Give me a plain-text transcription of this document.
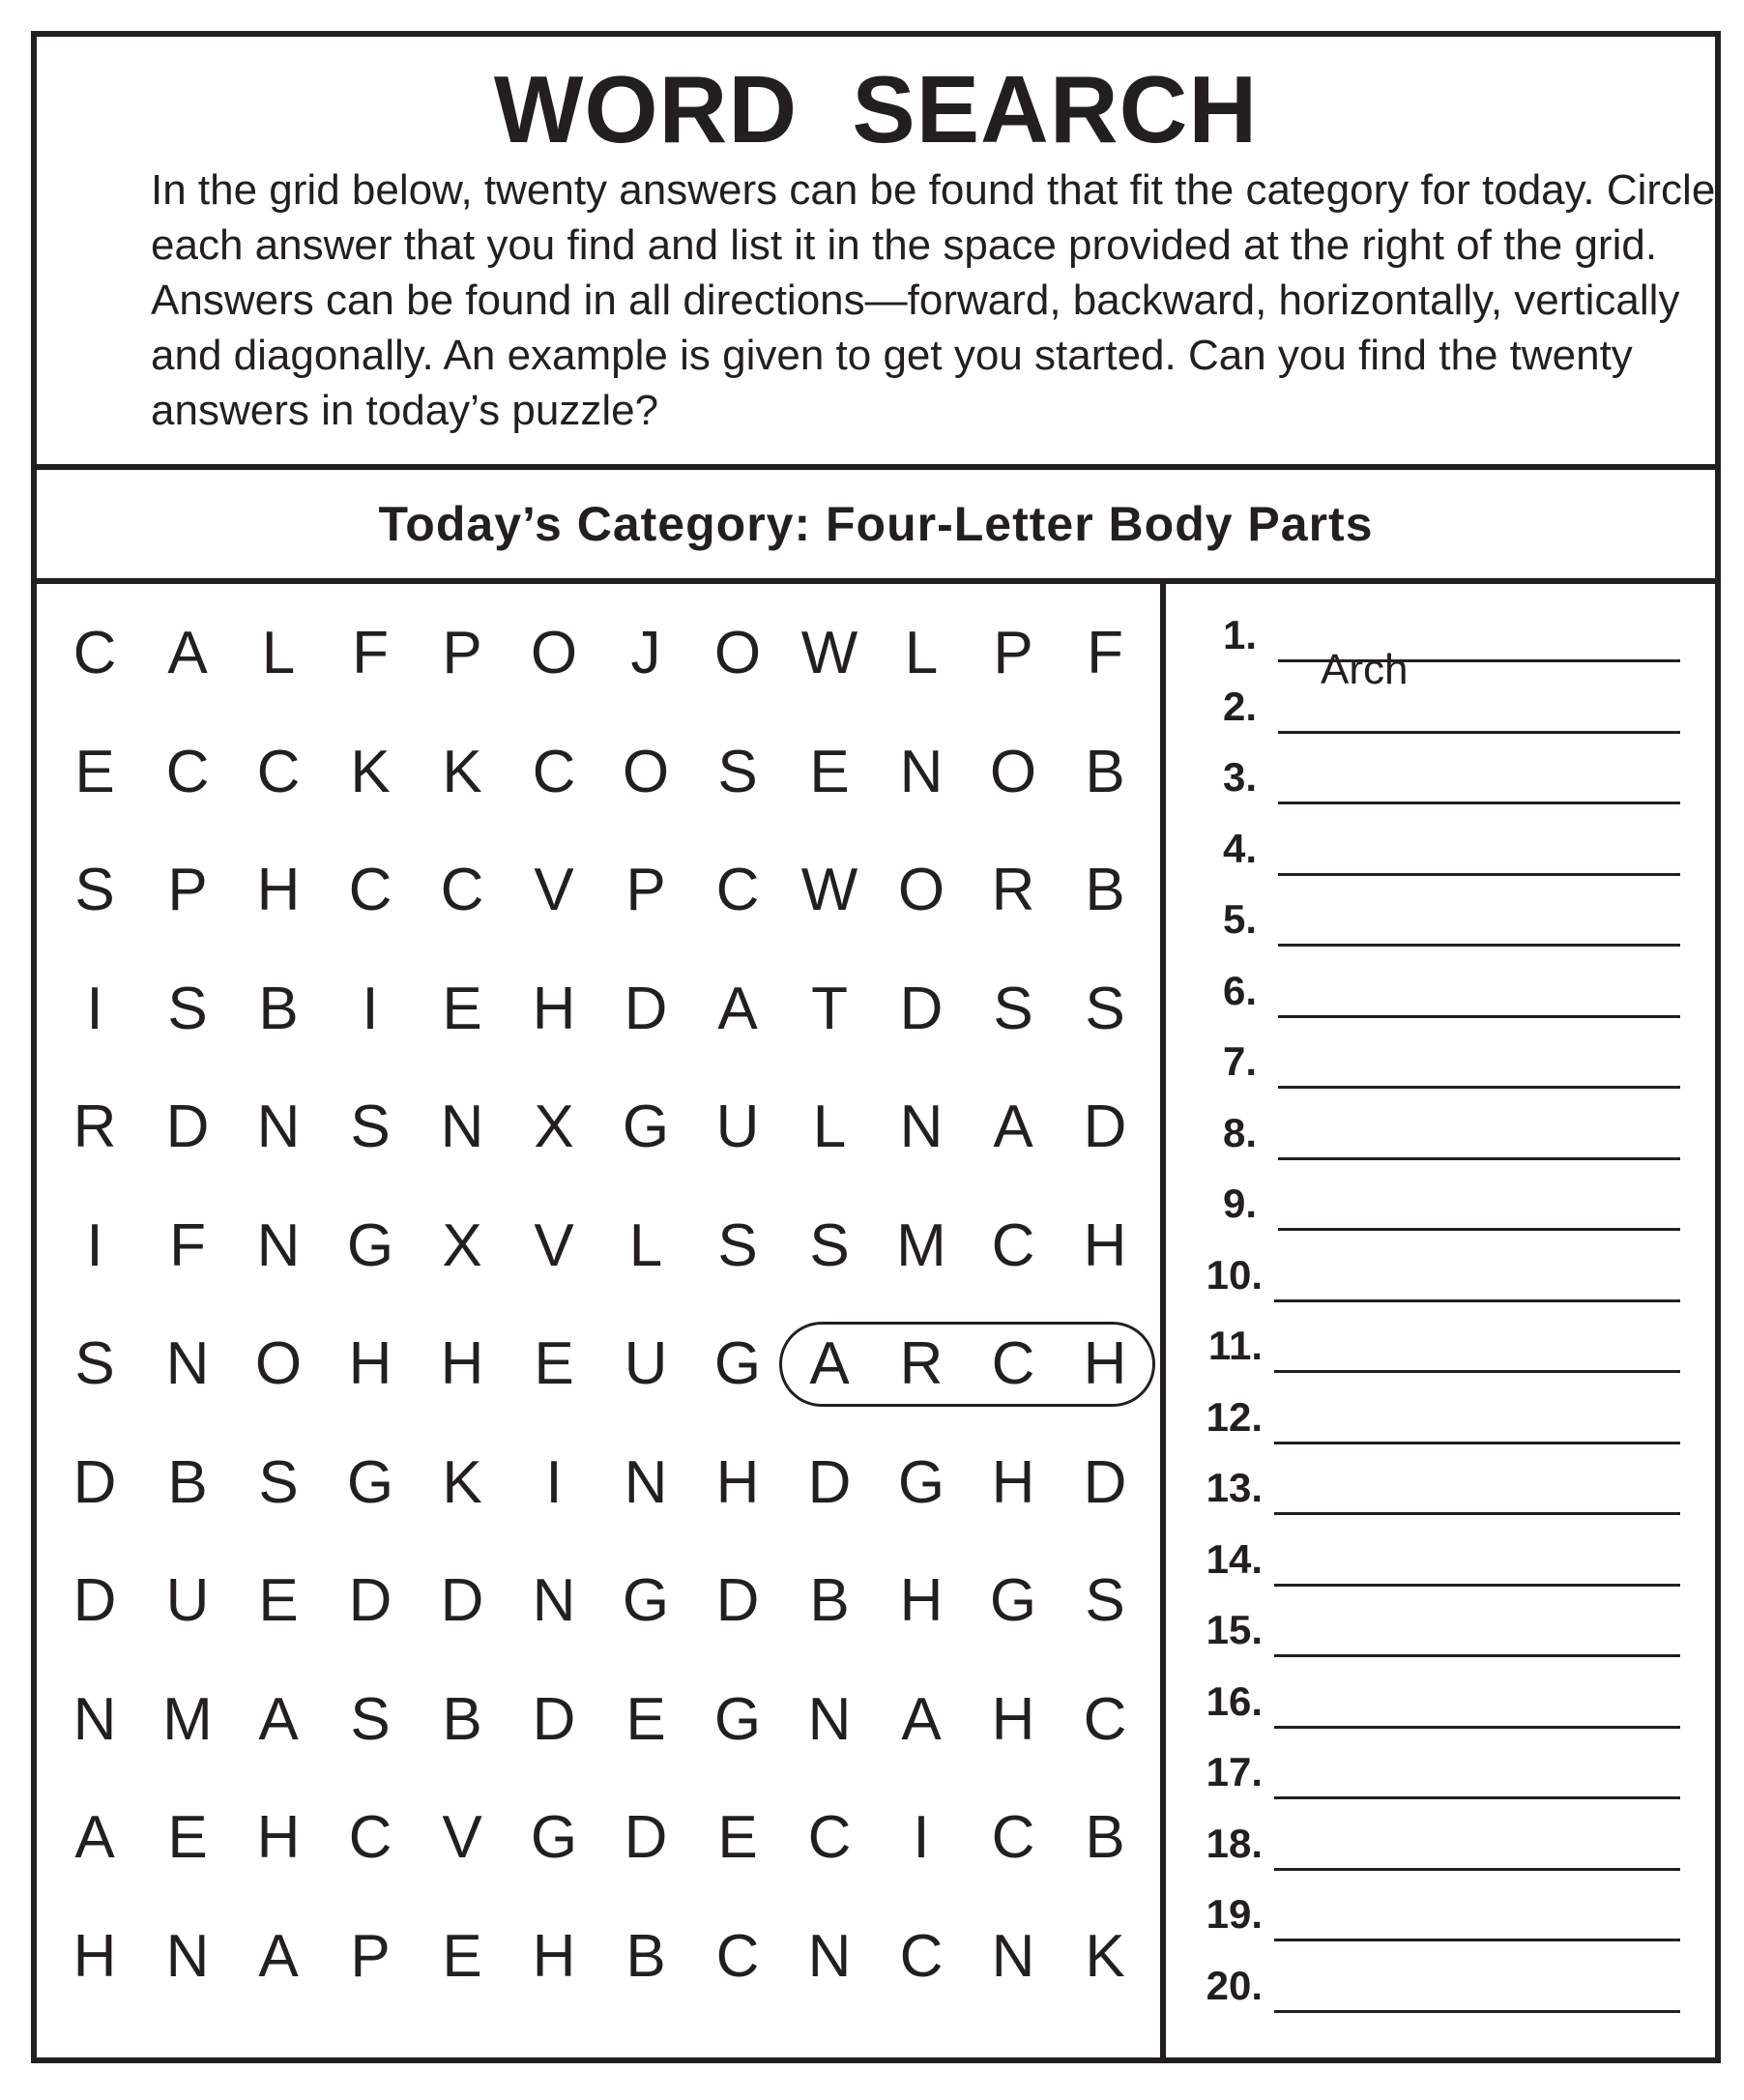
WORD SEARCH
In the grid below, twenty answers can be found that fit the category for today. Circle each answer that you find and list it in the space provided at the right of the grid. Answers can be found in all directions—forward, backward, horizontally, vertically and diagonally. An example is given to get you started. Can you find the twenty answers in today’s puzzle?
Today’s Category: Four-Letter Body Parts
C A L F P O J O W L P F
E C C K K C O S E N O B
S P H C C V P C W O R B
I	S B	I	E H D A T D S S
R D N S N X G U L N A D
I	F N G X V L S S M C H
S N O H H E U G A R C H
D B S G K	I	N H D G H D
D U E D D N G D B H G S
N M A S B D E G N A H C
A E H C V G D E C	I	C B
H N A P E H B C N C N K
1.
Arch
2.
3.
4.
5.
6.
7.
8.
9.
10.
11.
12.
13.
14.
15.
16.
17.
18.
19.
20.
